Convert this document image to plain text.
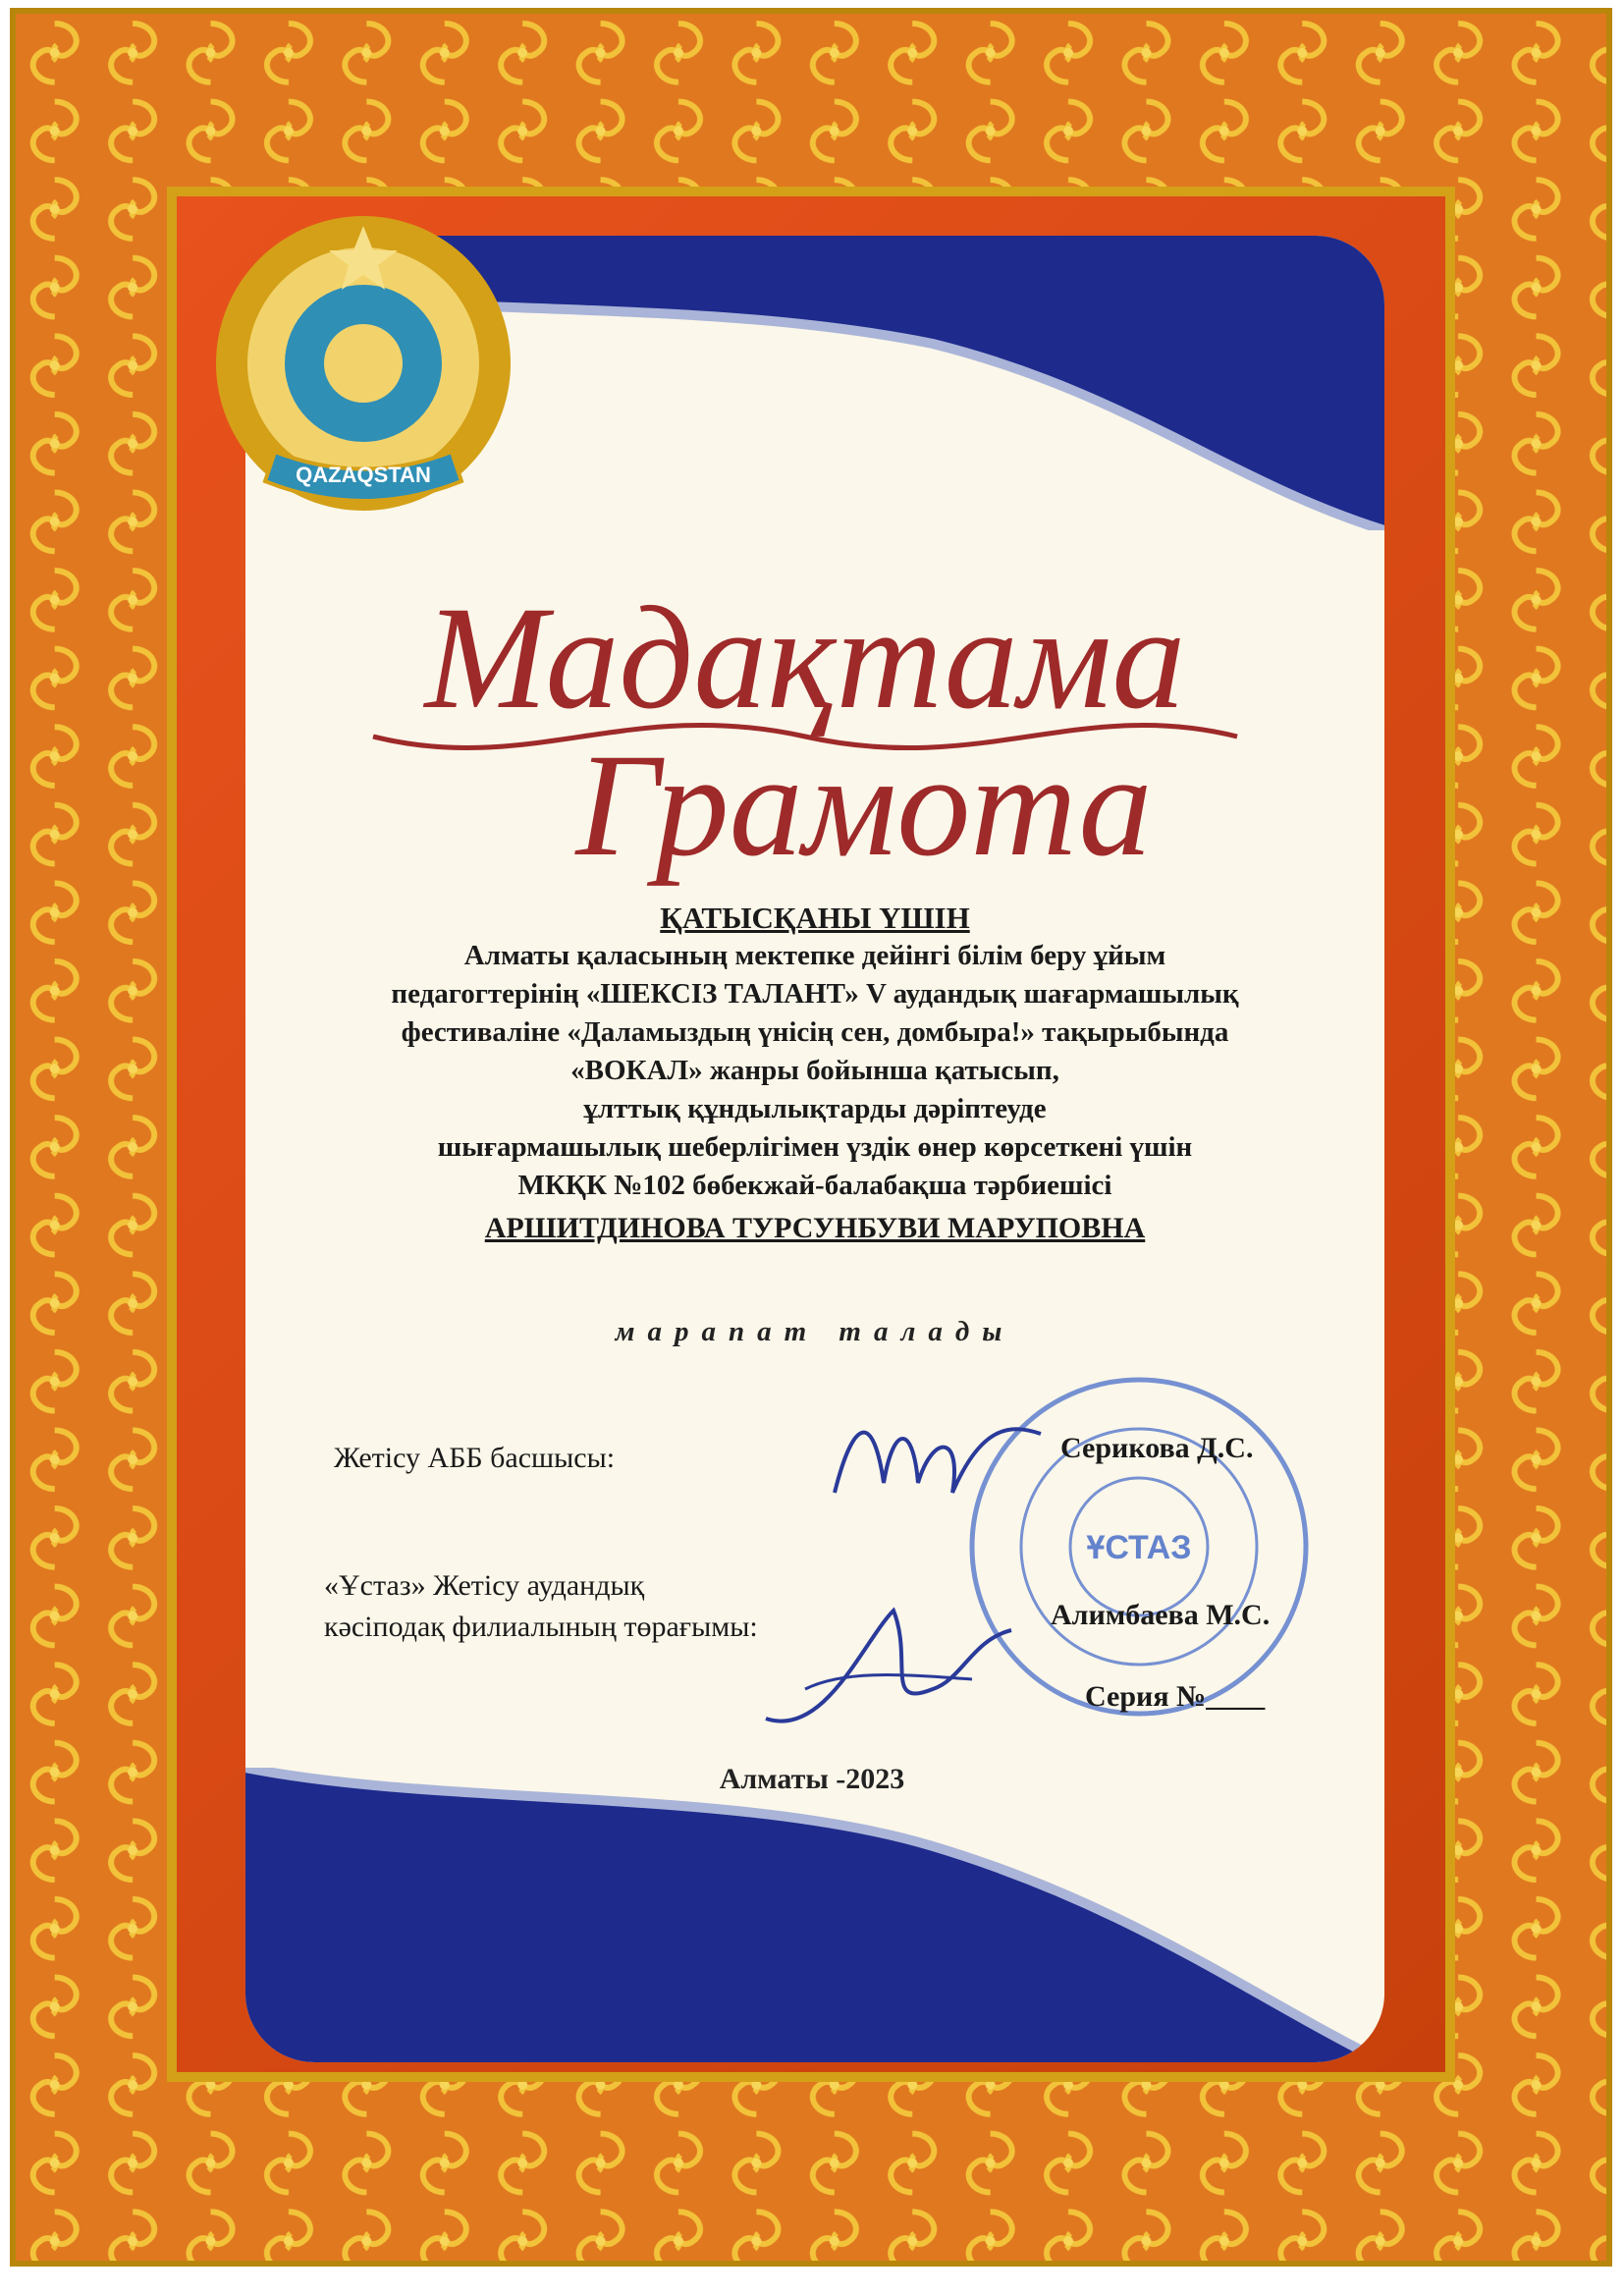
QAZAQSTAN
Мадақтама
Грамота
ҚАТЫСҚАНЫ ҮШІН
Алматы қаласының мектепке дейінгі білім беру ұйым
педагогтерінің «ШЕКСІЗ ТАЛАНТ» V аудандық шағармашылық
фестиваліне «Даламыздың үнісің сен, домбыра!» тақырыбында
«ВОКАЛ» жанры бойынша қатысып,
ұлттық құндылықтарды дәріптеуде
шығармашылық шеберлігімен үздік өнер көрсеткені үшін
МКҚК №102 бөбекжай-балабақша тәрбиешісі
АРШИТДИНОВА ТУРСУНБУВИ МАРУПОВНА
марапат талады
ҰСТАЗ
Жетісу АББ басшысы:	Серикова Д.С.
«Ұстаз» Жетісу аудандық
кәсіподақ филиалының төрағымы:	Алимбаева М.С.
Серия №____
Алматы -2023
